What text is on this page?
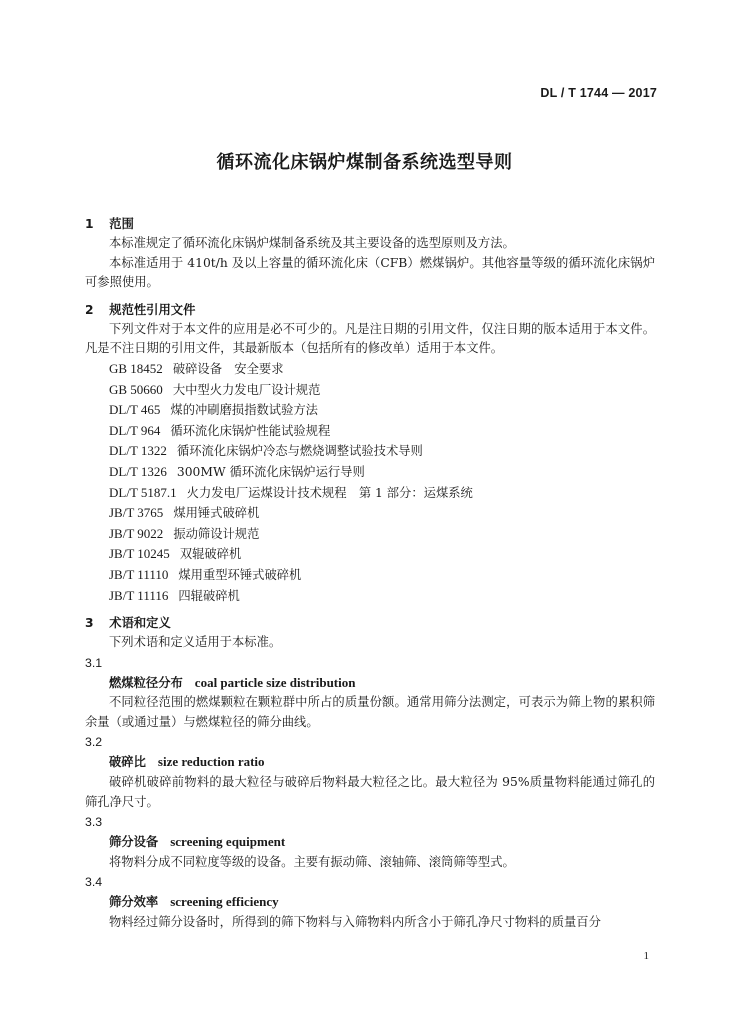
DL / T 1744 — 2017
循环流化床锅炉煤制备系统选型导则
1 范围
本标准规定了循环流化床锅炉煤制备系统及其主要设备的选型原则及方法。
本标准适用于 410t/h 及以上容量的循环流化床（CFB）燃煤锅炉。其他容量等级的循环流化床锅炉可参照使用。
2 规范性引用文件
下列文件对于本文件的应用是必不可少的。凡是注日期的引用文件，仅注日期的版本适用于本文件。凡是不注日期的引用文件，其最新版本（包括所有的修改单）适用于本文件。
GB 18452 破碎设备　安全要求
GB 50660 大中型火力发电厂设计规范
DL/T 465 煤的冲刷磨损指数试验方法
DL/T 964 循环流化床锅炉性能试验规程
DL/T 1322 循环流化床锅炉冷态与燃烧调整试验技术导则
DL/T 1326 300MW 循环流化床锅炉运行导则
DL/T 5187.1 火力发电厂运煤设计技术规程　第 1 部分：运煤系统
JB/T 3765 煤用锤式破碎机
JB/T 9022 振动筛设计规范
JB/T 10245 双辊破碎机
JB/T 11110 煤用重型环锤式破碎机
JB/T 11116 四辊破碎机
3 术语和定义
下列术语和定义适用于本标准。
3.1
燃煤粒径分布 coal particle size distribution
不同粒径范围的燃煤颗粒在颗粒群中所占的质量份额。通常用筛分法测定，可表示为筛上物的累积筛余量（或通过量）与燃煤粒径的筛分曲线。
3.2
破碎比 size reduction ratio
破碎机破碎前物料的最大粒径与破碎后物料最大粒径之比。最大粒径为 95%质量物料能通过筛孔的筛孔净尺寸。
3.3
筛分设备 screening equipment
将物料分成不同粒度等级的设备。主要有振动筛、滚轴筛、滚筒筛等型式。
3.4
筛分效率 screening efficiency
物料经过筛分设备时，所得到的筛下物料与入筛物料内所含小于筛孔净尺寸物料的质量百分
1
